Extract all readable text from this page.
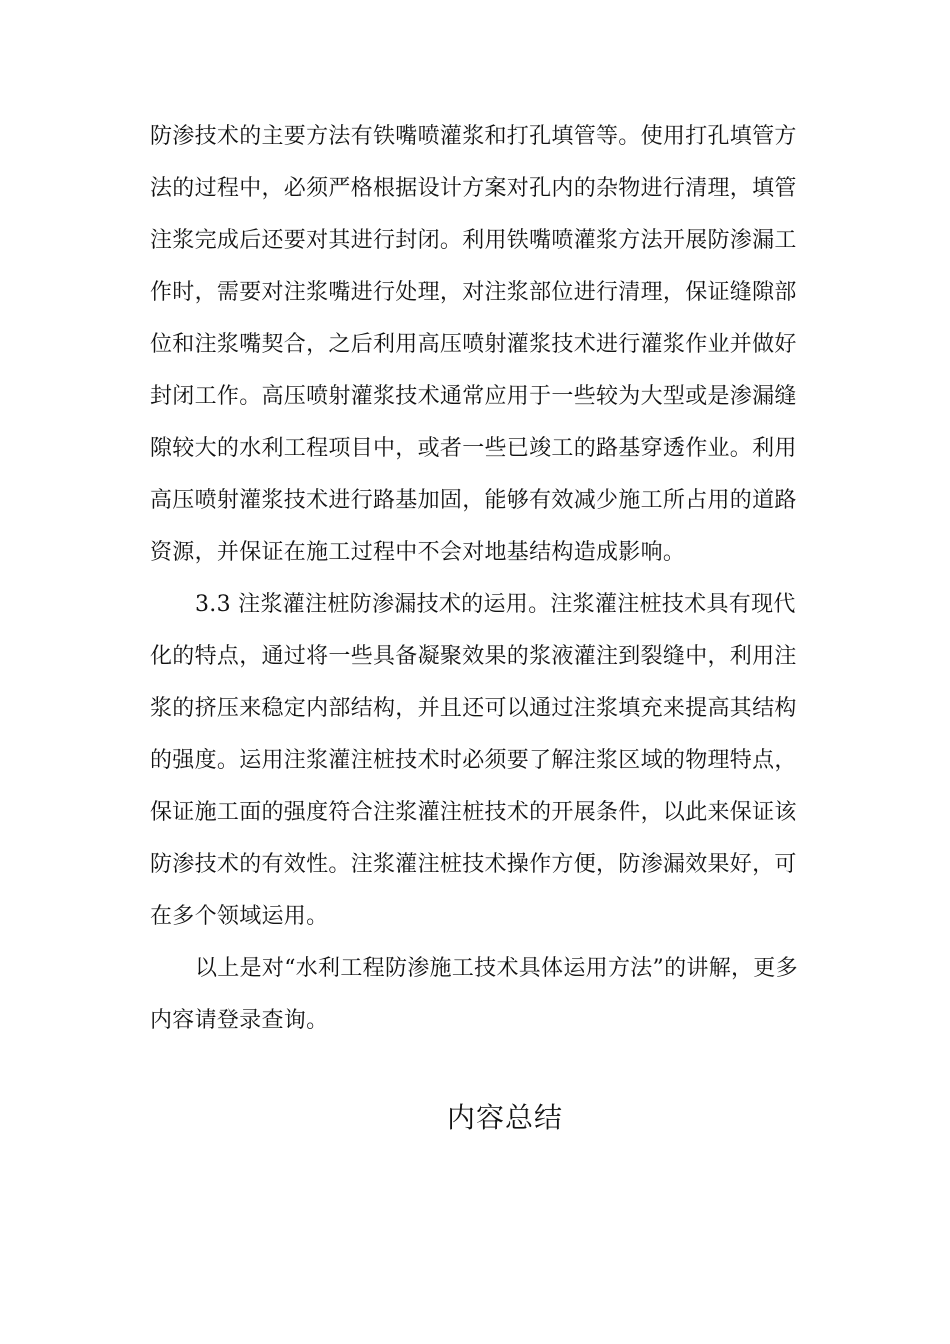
防渗技术的主要方法有铁嘴喷灌浆和打孔填管等。使用打孔填管方
法的过程中，必须严格根据设计方案对孔内的杂物进行清理，填管
注浆完成后还要对其进行封闭。利用铁嘴喷灌浆方法开展防渗漏工
作时，需要对注浆嘴进行处理，对注浆部位进行清理，保证缝隙部
位和注浆嘴契合，之后利用高压喷射灌浆技术进行灌浆作业并做好
封闭工作。高压喷射灌浆技术通常应用于一些较为大型或是渗漏缝
隙较大的水利工程项目中，或者一些已竣工的路基穿透作业。利用
高压喷射灌浆技术进行路基加固，能够有效减少施工所占用的道路
资源，并保证在施工过程中不会对地基结构造成影响。
3.3 注浆灌注桩防渗漏技术的运用。注浆灌注桩技术具有现代
化的特点，通过将一些具备凝聚效果的浆液灌注到裂缝中，利用注
浆的挤压来稳定内部结构，并且还可以通过注浆填充来提高其结构
的强度。运用注浆灌注桩技术时必须要了解注浆区域的物理特点，
保证施工面的强度符合注浆灌注桩技术的开展条件，以此来保证该
防渗技术的有效性。注浆灌注桩技术操作方便，防渗漏效果好，可
在多个领域运用。
以上是对“水利工程防渗施工技术具体运用方法”的讲解，更多
内容请登录查询。
内容总结
